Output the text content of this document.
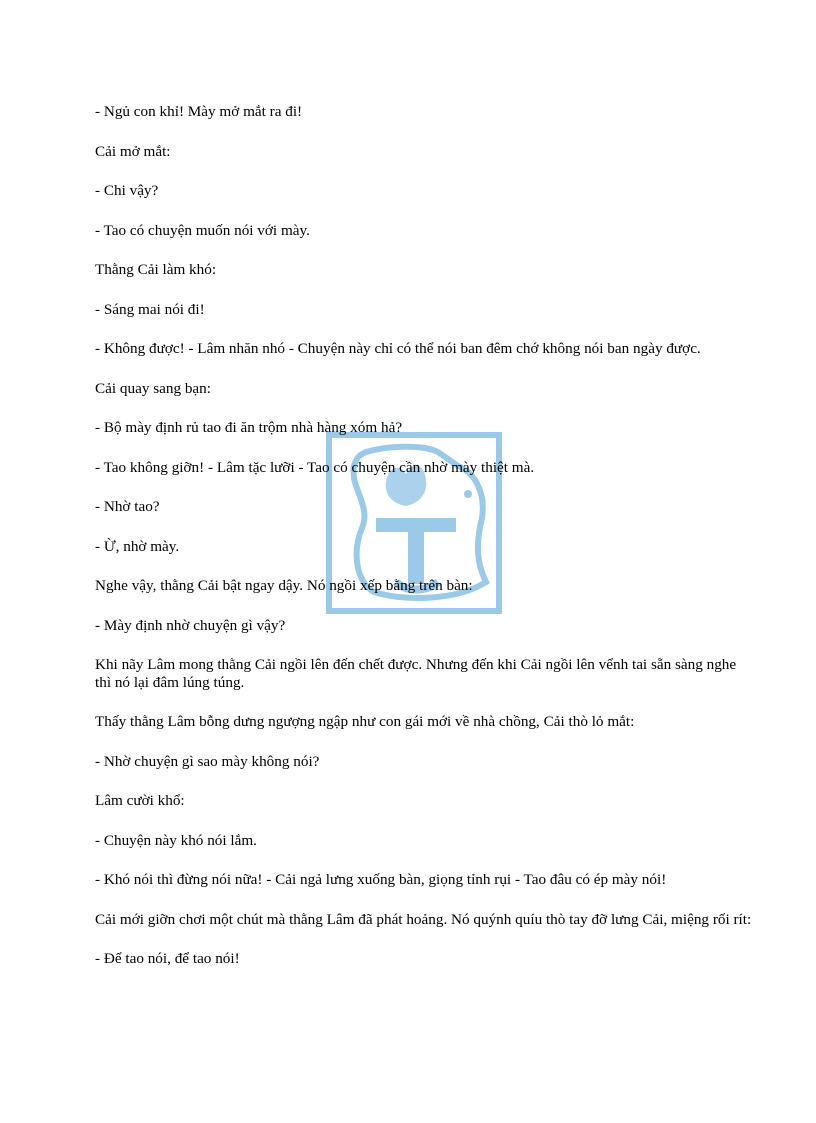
- Ngủ con khỉ! Mày mở mắt ra đi!

Cải mở mắt:

- Chi vậy?

- Tao có chuyện muốn nói với mày.

Thằng Cải làm khó:

- Sáng mai nói đi!

- Không được! - Lâm nhăn nhó - Chuyện này chỉ có thể nói ban đêm chớ không nói ban ngày được.

Cải quay sang bạn:

- Bộ mày định rủ tao đi ăn trộm nhà hàng xóm hả?

- Tao không giỡn! - Lâm tặc lưỡi - Tao có chuyện cần nhờ mày thiệt mà.

- Nhờ tao?

- Ừ, nhờ mày.

Nghe vậy, thằng Cải bật ngay dậy. Nó ngồi xếp bằng trên bàn:

- Mày định nhờ chuyện gì vậy?

Khi nãy Lâm mong thằng Cải ngồi lên đến chết được. Nhưng đến khi Cải ngồi lên vểnh tai sẵn sàng nghe thì nó lại đâm lúng túng.

Thấy thằng Lâm bỗng dưng ngượng ngập như con gái mới về nhà chồng, Cải thò lỏ mắt:

- Nhờ chuyện gì sao mày không nói?

Lâm cười khổ:

- Chuyện này khó nói lắm.

- Khó nói thì đừng nói nữa! - Cải ngả lưng xuống bàn, giọng tỉnh rụi - Tao đâu có ép mày nói!

Cải mới giỡn chơi một chút mà thằng Lâm đã phát hoảng. Nó quýnh quíu thò tay đỡ lưng Cải, miệng rối rít:

- Để tao nói, để tao nói!
